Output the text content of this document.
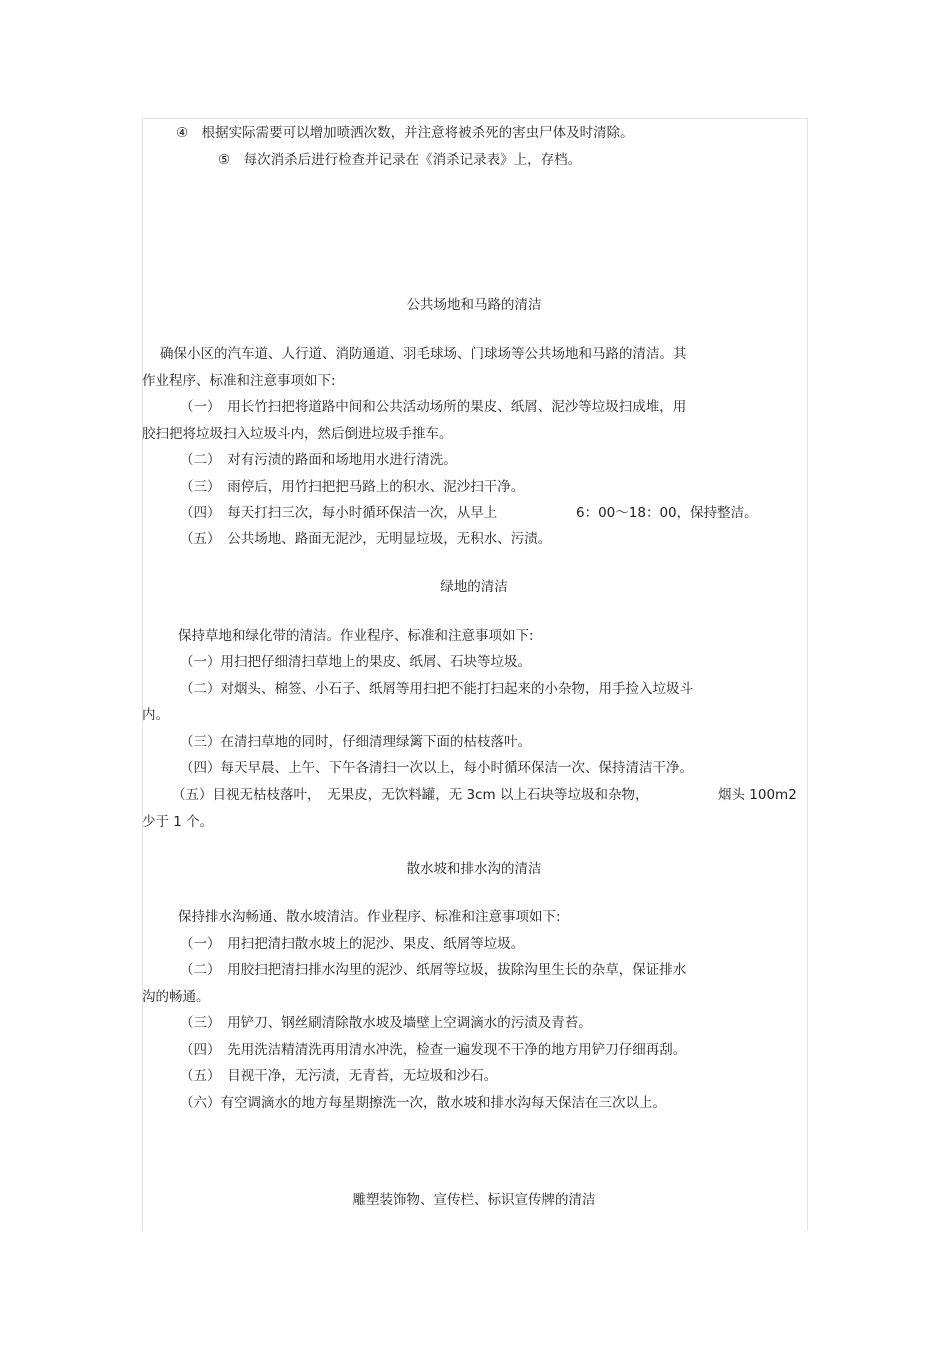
④　根据实际需要可以增加喷洒次数，并注意将被杀死的害虫尸体及时清除。
⑤　每次消杀后进行检查并记录在《消杀记录表》上，存档。
公共场地和马路的清洁
确保小区的汽车道、人行道、消防通道、羽毛球场、门球场等公共场地和马路的清洁。其
作业程序、标准和注意事项如下:
（一）　用长竹扫把将道路中间和公共活动场所的果皮、纸屑、泥沙等垃圾扫成堆，用
胶扫把将垃圾扫入垃圾斗内，然后倒进垃圾手推车。
（二）　对有污渍的路面和场地用水进行清洗。
（三）　雨停后，用竹扫把把马路上的积水、泥沙扫干净。
（四）　每天打扫三次，每小时循环保洁一次，从早上	6：00～18：00，保持整洁。
（五）　公共场地、路面无泥沙，无明显垃圾，无积水、污渍。
绿地的清洁
保持草地和绿化带的清洁。作业程序、标准和注意事项如下:
（一）用扫把仔细清扫草地上的果皮、纸屑、石块等垃圾。
（二）对烟头、棉签、小石子、纸屑等用扫把不能打扫起来的小杂物，用手捡入垃圾斗
内。
（三）在清扫草地的同时，仔细清理绿篱下面的枯枝落叶。
（四）每天早晨、上午、下午各清扫一次以上，每小时循环保洁一次、保持清洁干净。
（五）目视无枯枝落叶，　无果皮，无饮料罐，无 3cm 以上石块等垃圾和杂物，	烟头 100m2
少于 1 个。
散水坡和排水沟的清洁
保持排水沟畅通、散水坡清洁。作业程序、标准和注意事项如下:
（一）　用扫把清扫散水坡上的泥沙、果皮、纸屑等垃圾。
（二）　用胶扫把清扫排水沟里的泥沙、纸屑等垃圾，拔除沟里生长的杂草，保证排水
沟的畅通。
（三）　用铲刀、钢丝刷清除散水坡及墙壁上空调滴水的污渍及青苔。
（四）　先用洗洁精清洗再用清水冲洗，检查一遍发现不干净的地方用铲刀仔细再刮。
（五）　目视干净，无污渍，无青苔，无垃圾和沙石。
（六）有空调滴水的地方每星期擦洗一次，散水坡和排水沟每天保洁在三次以上。
雕塑装饰物、宣传栏、标识宣传牌的清洁
